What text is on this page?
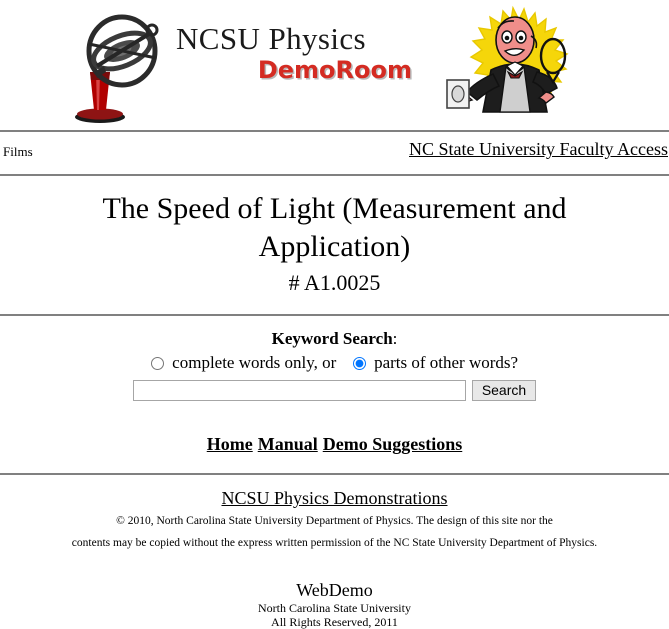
NCSU Physics
DemoRoom
Films	NC State University Faculty Access
The Speed of Light (Measurement and Application)
# A1.0025
Keyword Search:
complete words only, or parts of other words?
Search
Home Manual Demo Suggestions
NCSU Physics Demonstrations
© 2010, North Carolina State University Department of Physics. The design of this site nor the
contents may be copied without the express written permission of the NC State University Department of Physics.
WebDemo
North Carolina State University
All Rights Reserved, 2011
